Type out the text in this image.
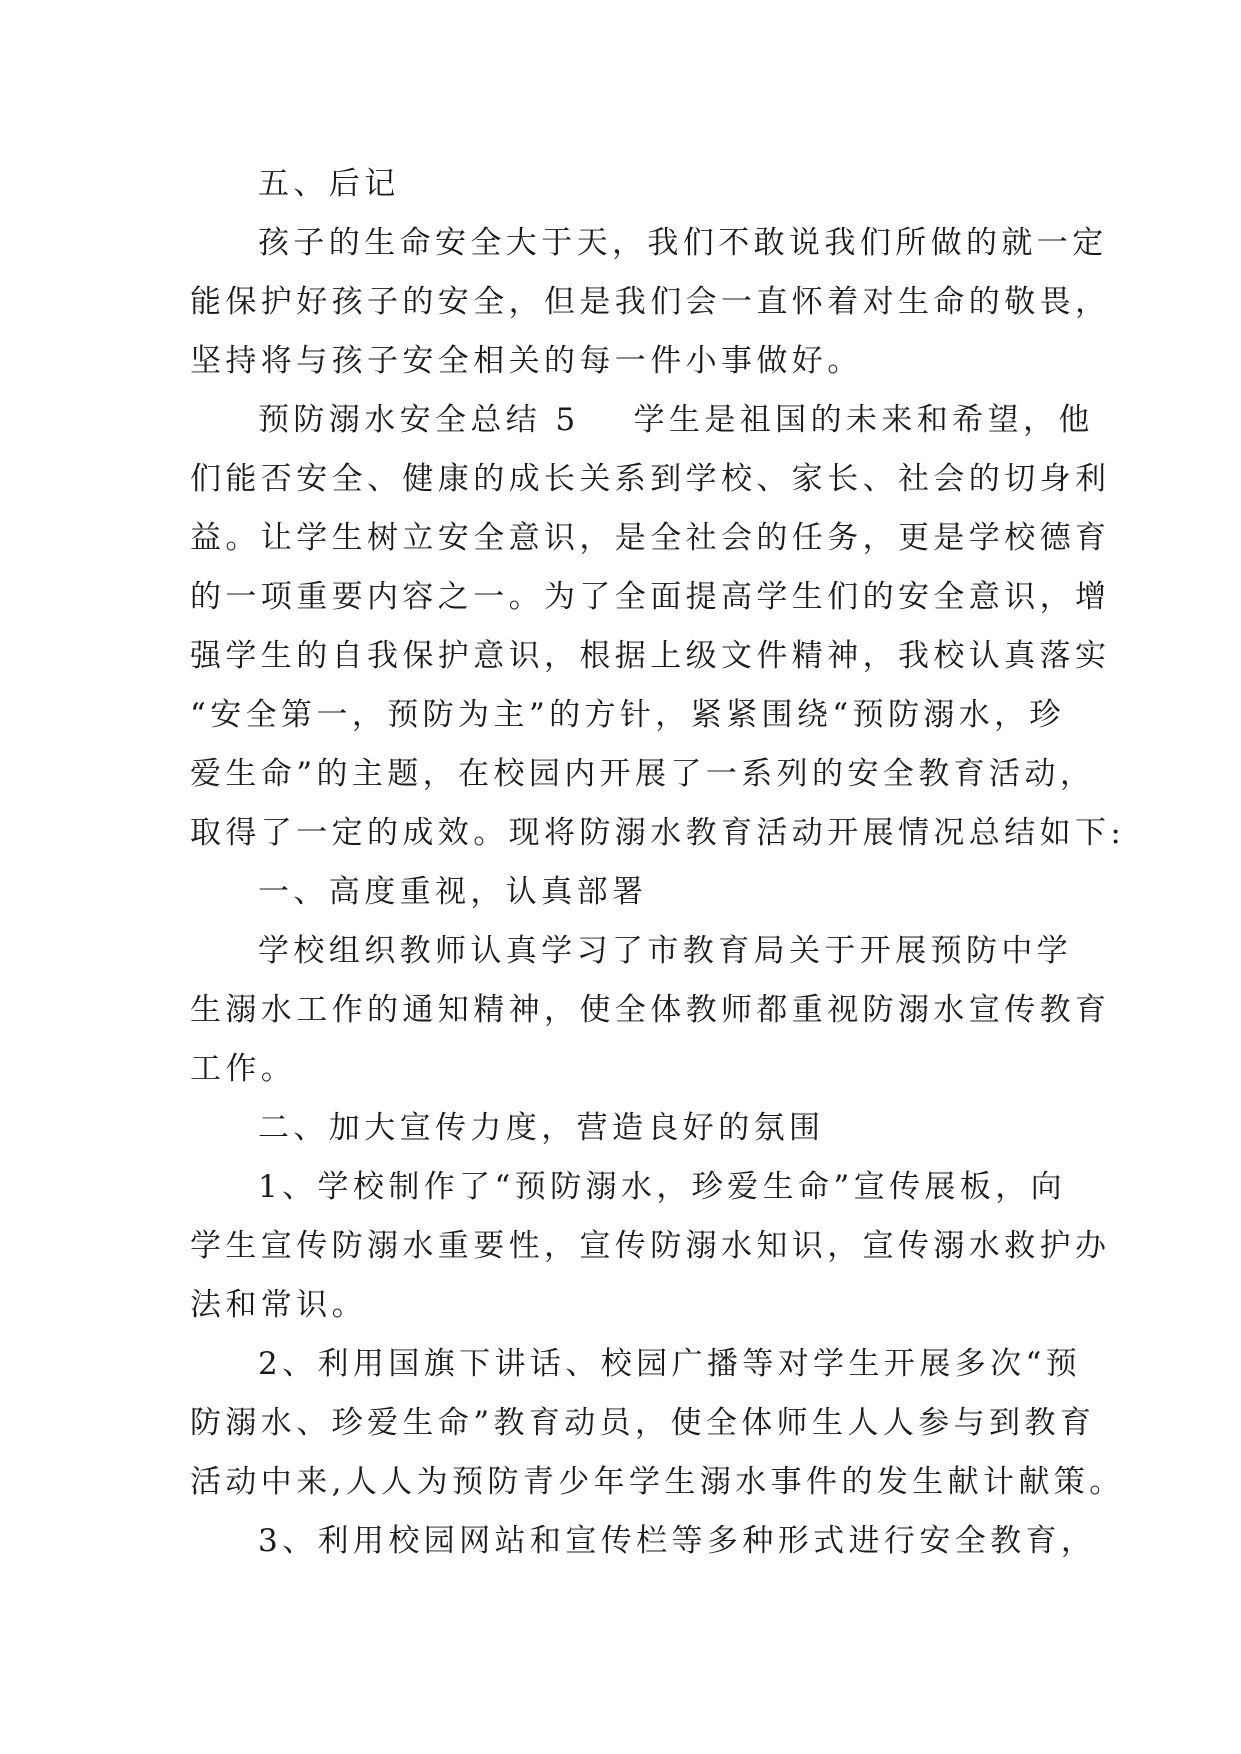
五、后记
孩子的生命安全大于天，我们不敢说我们所做的就一定
能保护好孩子的安全，但是我们会一直怀着对生命的敬畏，
坚持将与孩子安全相关的每一件小事做好。
预防溺水安全总结 5 学生是祖国的未来和希望，他
们能否安全、健康的成长关系到学校、家长、社会的切身利
益。让学生树立安全意识，是全社会的任务，更是学校德育
的一项重要内容之一。为了全面提高学生们的安全意识，增
强学生的自我保护意识，根据上级文件精神，我校认真落实
“安全第一，预防为主”的方针，紧紧围绕“预防溺水，珍
爱生命”的主题，在校园内开展了一系列的安全教育活动，
取得了一定的成效。现将防溺水教育活动开展情况总结如下:
一、高度重视，认真部署
学校组织教师认真学习了市教育局关于开展预防中学
生溺水工作的通知精神，使全体教师都重视防溺水宣传教育
工作。
二、加大宣传力度，营造良好的氛围
1、学校制作了“预防溺水，珍爱生命”宣传展板，向
学生宣传防溺水重要性，宣传防溺水知识，宣传溺水救护办
法和常识。
2、利用国旗下讲话、校园广播等对学生开展多次“预
防溺水、珍爱生命”教育动员，使全体师生人人参与到教育
活动中来,人人为预防青少年学生溺水事件的发生献计献策。
3、利用校园网站和宣传栏等多种形式进行安全教育，
